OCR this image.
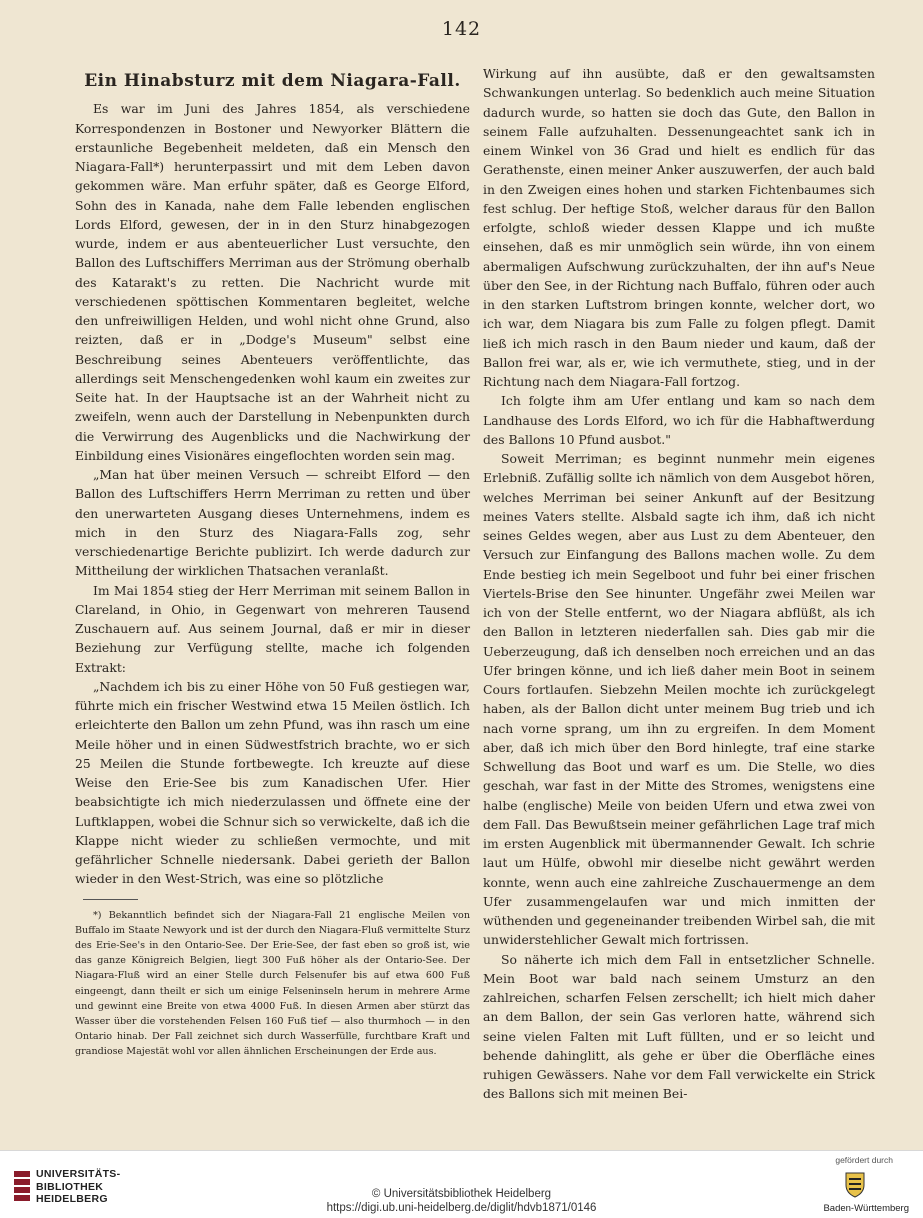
142
Ein Hinabsturz mit dem Niagara-Fall.

Es war im Juni des Jahres 1854, als verschiedene Korrespondenzen in Bostoner und Newyorker Blättern die erstaunliche Begebenheit meldeten, daß ein Mensch den Niagara-Fall*) herunterpassirt und mit dem Leben davon gekommen wäre. Man erfuhr später, daß es George Elford, Sohn des in Kanada, nahe dem Falle lebenden englischen Lords Elford, gewesen, der in in den Sturz hinabgezogen wurde, indem er aus abenteuerlicher Lust versuchte, den Ballon des Luftschiffers Merriman aus der Strömung oberhalb des Katarakt's zu retten. Die Nachricht wurde mit verschiedenen spöttischen Kommentaren begleitet, welche den unfreiwilligen Helden, und wohl nicht ohne Grund, also reizten, daß er in „Dodge's Museum" selbst eine Beschreibung seines Abenteuers veröffentlichte, das allerdings seit Menschengedenken wohl kaum ein zweites zur Seite hat. In der Hauptsache ist an der Wahrheit nicht zu zweifeln, wenn auch der Darstellung in Nebenpunkten durch die Verwirrung des Augenblicks und die Nachwirkung der Einbildung eines Visionäres eingeflochten worden sein mag.

„Man hat über meinen Versuch — schreibt Elford — den Ballon des Luftschiffers Herrn Merriman zu retten und über den unerwarteten Ausgang dieses Unternehmens, indem es mich in den Sturz des Niagara-Falls zog, sehr verschiedenartige Berichte publizirt. Ich werde dadurch zur Mittheilung der wirklichen Thatsachen veranlaßt.

Im Mai 1854 stieg der Herr Merriman mit seinem Ballon in Clareland, in Ohio, in Gegenwart von mehreren Tausend Zuschauern auf. Aus seinem Journal, daß er mir in dieser Beziehung zur Verfügung stellte, mache ich folgenden Extrakt:

„Nachdem ich bis zu einer Höhe von 50 Fuß gestiegen war, führte mich ein frischer Westwind etwa 15 Meilen östlich. Ich erleichterte den Ballon um zehn Pfund, was ihn rasch um eine Meile höher und in einen Südwestfstrich brachte, wo er sich 25 Meilen die Stunde fortbewegte. Ich kreuzte auf diese Weise den Erie-See bis zum Kanadischen Ufer. Hier beabsichtigte ich mich niederzulassen und öffnete eine der Luftklappen, wobei die Schnur sich so verwickelte, daß ich die Klappe nicht wieder zu schließen vermochte, und mit gefährlicher Schnelle niedersank. Dabei gerieth der Ballon wieder in den West-Strich, was eine so plötzliche

*) Bekanntlich befindet sich der Niagara-Fall 21 englische Meilen von Buffalo im Staate Newyork und ist der durch den Niagara-Fluß vermittelte Sturz des Erie-See's in den Ontario-See. Der Erie-See, der fast eben so groß ist, wie das ganze Königreich Belgien, liegt 300 Fuß höher als der Ontario-See. Der Niagara-Fluß wird an einer Stelle durch Felsenufer bis auf etwa 600 Fuß eingeengt, dann theilt er sich um einige Felseninseln herum in mehrere Arme und gewinnt eine Breite von etwa 4000 Fuß. In diesen Armen aber stürzt das Wasser über die vorstehenden Felsen 160 Fuß tief — also thurmhoch — in den Ontario hinab. Der Fall zeichnet sich durch Wasserfülle, furchtbare Kraft und grandiose Majestät wohl vor allen ähnlichen Erscheinungen der Erde aus.

Wirkung auf ihn ausübte, daß er den gewaltsamsten Schwankungen unterlag. So bedenklich auch meine Situation dadurch wurde, so hatten sie doch das Gute, den Ballon in seinem Falle aufzuhalten. Dessenungeachtet sank ich in einem Winkel von 36 Grad und hielt es endlich für das Gerathenste, einen meiner Anker auszuwerfen, der auch bald in den Zweigen eines hohen und starken Fichtenbaumes sich fest schlug. Der heftige Stoß, welcher daraus für den Ballon erfolgte, schloß wieder dessen Klappe und ich mußte einsehen, daß es mir unmöglich sein würde, ihn von einem abermaligen Aufschwung zurückzuhalten, der ihn auf's Neue über den See, in der Richtung nach Buffalo, führen oder auch in den starken Luftstrom bringen konnte, welcher dort, wo ich war, dem Niagara bis zum Falle zu folgen pflegt. Damit ließ ich mich rasch in den Baum nieder und kaum, daß der Ballon frei war, als er, wie ich vermuthete, stieg, und in der Richtung nach dem Niagara-Fall fortzog.

Ich folgte ihm am Ufer entlang und kam so nach dem Landhause des Lords Elford, wo ich für die Habhaftwerdung des Ballons 10 Pfund ausbot."

Soweit Merriman; es beginnt nunmehr mein eigenes Erlebniß. Zufällig sollte ich nämlich von dem Ausgebot hören, welches Merriman bei seiner Ankunft auf der Besitzung meines Vaters stellte. Alsbald sagte ich ihm, daß ich nicht seines Geldes wegen, aber aus Lust zu dem Abenteuer, den Versuch zur Einfangung des Ballons machen wolle. Zu dem Ende bestieg ich mein Segelboot und fuhr bei einer frischen Viertels-Brise den See hinunter. Ungefähr zwei Meilen war ich von der Stelle entfernt, wo der Niagara abflüßt, als ich den Ballon in letzteren niederfallen sah. Dies gab mir die Ueberzeugung, daß ich denselben noch erreichen und an das Ufer bringen könne, und ich ließ daher mein Boot in seinem Cours fortlaufen. Siebzehn Meilen mochte ich zurückgelegt haben, als der Ballon dicht unter meinem Bug trieb und ich nach vorne sprang, um ihn zu ergreifen. In dem Moment aber, daß ich mich über den Bord hinlegte, traf eine starke Schwellung das Boot und warf es um. Die Stelle, wo dies geschah, war fast in der Mitte des Stromes, wenigstens eine halbe (englische) Meile von beiden Ufern und etwa zwei von dem Fall. Das Bewußtsein meiner gefährlichen Lage traf mich im ersten Augenblick mit übermannender Gewalt. Ich schrie laut um Hülfe, obwohl mir dieselbe nicht gewährt werden konnte, wenn auch eine zahlreiche Zuschauermenge an dem Ufer zusammengelaufen war und mich inmitten der wüthenden und gegeneinander treibenden Wirbel sah, die mit unwiderstehlicher Gewalt mich fortrissen.

So näherte ich mich dem Fall in entsetzlicher Schnelle. Mein Boot war bald nach seinem Umsturz an den zahlreichen, scharfen Felsen zerschellt; ich hielt mich daher an dem Ballon, der sein Gas verloren hatte, während sich seine vielen Falten mit Luft füllten, und er so leicht und behende dahinglitt, als gehe er über die Oberfläche eines ruhigen Gewässers. Nahe vor dem Fall verwickelte ein Strick des Ballons sich mit meinen Bei-

UNIVERSITÄTS-
BIBLIOTHEK
HEIDELBERG
gefördert durch
Baden-Württemberg
© Universitätsbibliothek Heidelberg
https://digi.ub.uni-heidelberg.de/diglit/hdvb1871/0146
